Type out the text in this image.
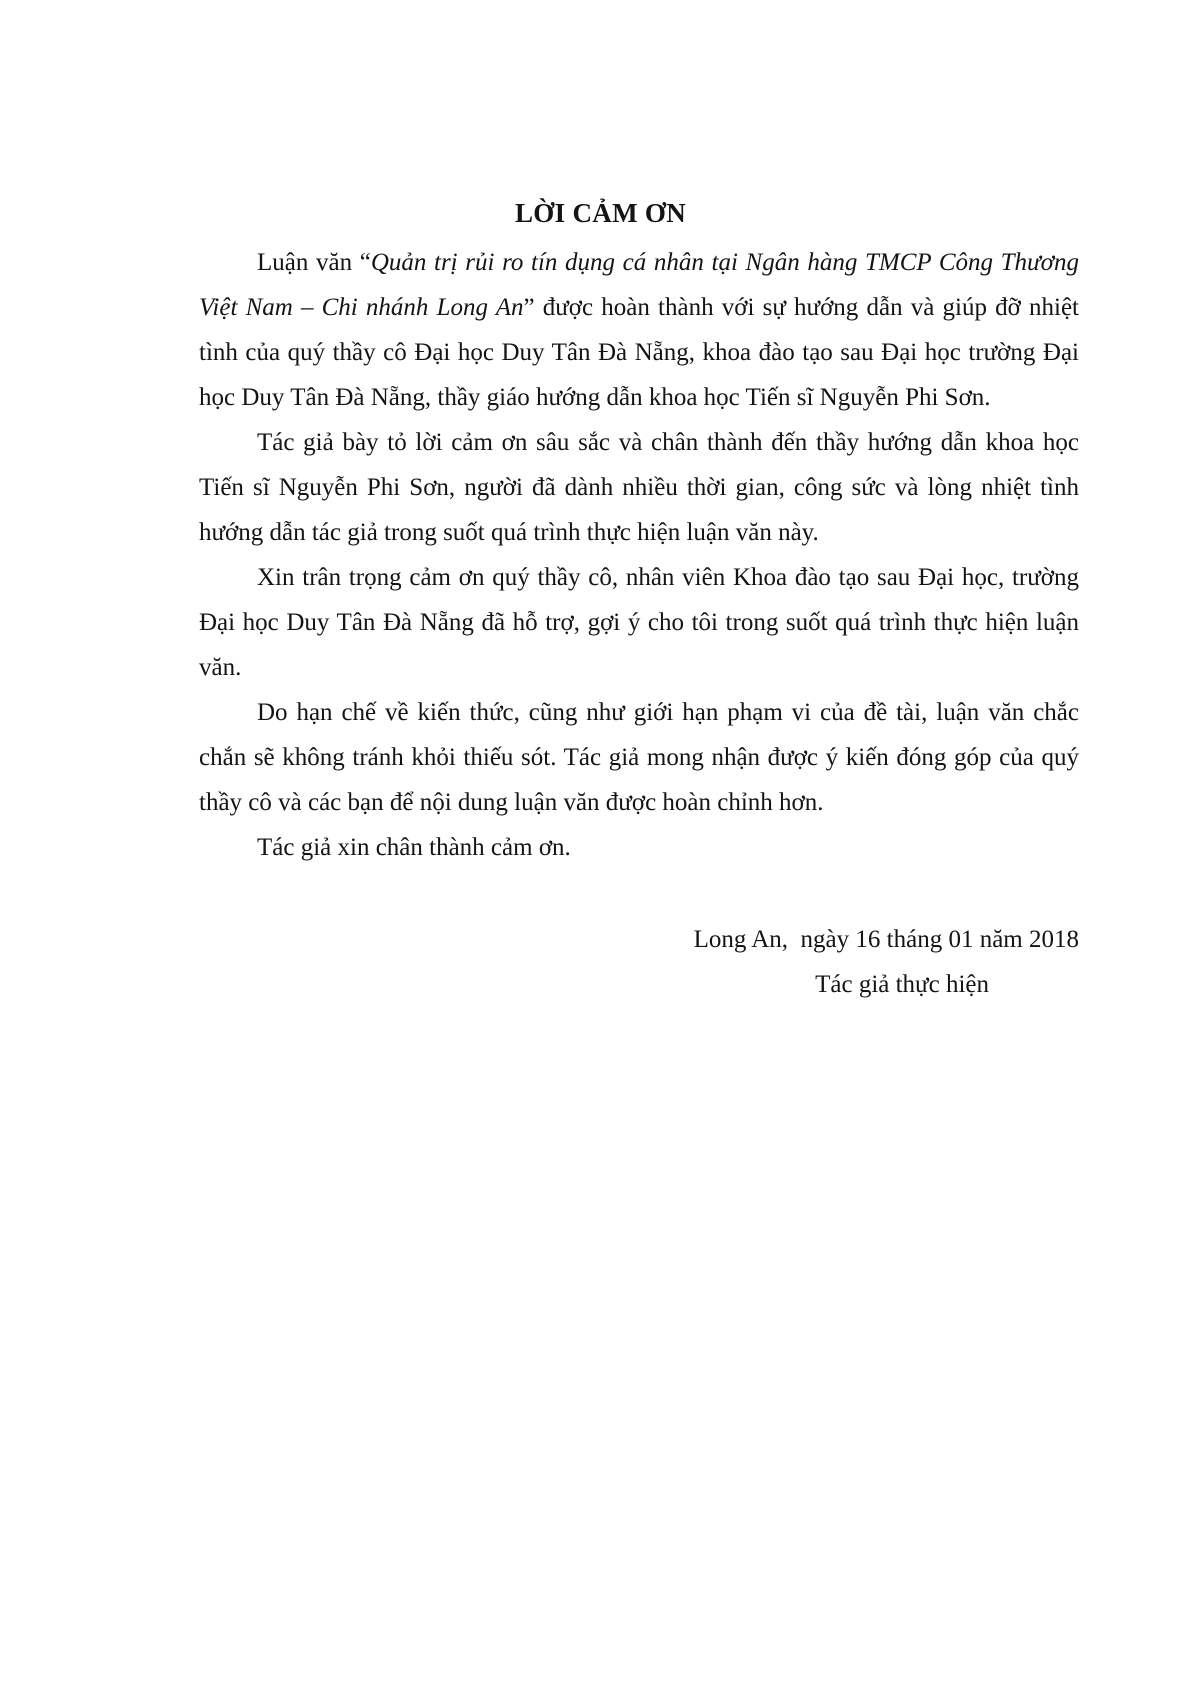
LỜI CẢM ƠN

Luận văn “Quản trị rủi ro tín dụng cá nhân tại Ngân hàng TMCP Công Thương Việt Nam – Chi nhánh Long An” được hoàn thành với sự hướng dẫn và giúp đỡ nhiệt tình của quý thầy cô Đại học Duy Tân Đà Nẵng, khoa đào tạo sau Đại học trường Đại học Duy Tân Đà Nẵng, thầy giáo hướng dẫn khoa học Tiến sĩ Nguyễn Phi Sơn.

Tác giả bày tỏ lời cảm ơn sâu sắc và chân thành đến thầy hướng dẫn khoa học Tiến sĩ Nguyễn Phi Sơn, người đã dành nhiều thời gian, công sức và lòng nhiệt tình hướng dẫn tác giả trong suốt quá trình thực hiện luận văn này.

Xin trân trọng cảm ơn quý thầy cô, nhân viên Khoa đào tạo sau Đại học, trường Đại học Duy Tân Đà Nẵng đã hỗ trợ, gợi ý cho tôi trong suốt quá trình thực hiện luận văn.

Do hạn chế về kiến thức, cũng như giới hạn phạm vi của đề tài, luận văn chắc chắn sẽ không tránh khỏi thiếu sót. Tác giả mong nhận được ý kiến đóng góp của quý thầy cô và các bạn để nội dung luận văn được hoàn chỉnh hơn.

Tác giả xin chân thành cảm ơn.

Long An,  ngày 16 tháng 01 năm 2018
Tác giả thực hiện
